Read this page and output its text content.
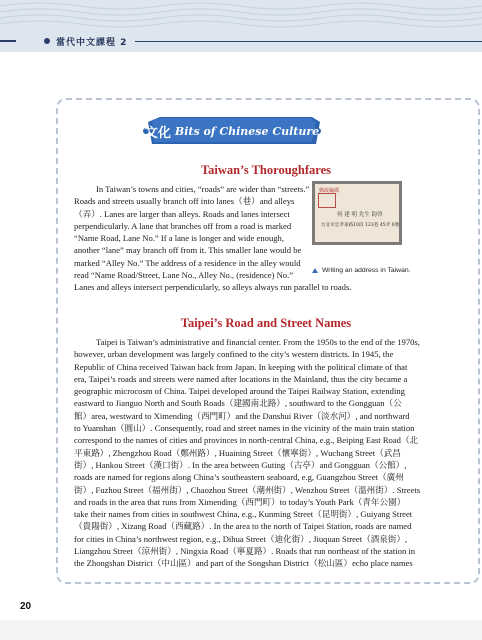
當代中文課程 2
文化 Bits of Chinese Culture
Taiwan’s Thoroughfares
In Taiwan’s towns and cities, “roads” are wider than “streets.”
Roads and streets usually branch off into lanes（巷）and alleys
（弄）. Lanes are larger than alleys. Roads and lanes intersect
perpendicularly. A lane that branches off from a road is marked
“Name Road, Lane No.” If a lane is longer and wide enough,
another “lane” may branch off from it. This smaller lane would be
marked “Alley No.” The address of a residence in the alley would
read “Name Road/Street, Lane No., Alley No., (residence) No.”
Lanes and alleys intersect perpendicularly, so alleys always run parallel to roads.
郵政編碼
何 建 明 先生 鈞啓
台北市忠孝東路10段 123巷 45弄 6號
Writing an address in Taiwan.
Taipei’s Road and Street Names
Taipei is Taiwan’s administrative and financial center. From the 1950s to the end of the 1970s,
however, urban development was largely confined to the city’s western districts. In 1945, the
Republic of China received Taiwan back from Japan. In keeping with the political climate of that
era, Taipei’s roads and streets were named after locations in the Mainland, thus the city became a
geographic microcosm of China. Taipei developed around the Taipei Railway Station, extending
eastward to Jianguo North and South Roads（建國南北路）, southward to the Gongguan（公
館）area, westward to Ximending（西門町）and the Danshui River（淡水河）, and northward
to Yuanshan（圓山）. Consequently, road and street names in the vicinity of the main train station
correspond to the names of cities and provinces in north-central China, e.g., Beiping East Road（北
平東路）, Zhengzhou Road（鄭州路）, Huaining Street（懷寧街）, Wuchang Street（武昌
街）, Hankou Street（漢口街）. In the area between Guting（古亭）and Gongguan（公館）,
roads are named for regions along China’s southeastern seaboard, e.g, Guangzhou Street（廣州
街）, Fuzhou Street（福州街）, Chaozhou Street（潮州街）, Wenzhou Street（溫州街）. Streets
and roads in the area that runs from Ximending（西門町）to today’s Youth Park（青年公園）
take their names from cities in southwest China, e.g., Kunming Street（昆明街）, Guiyang Street
（貴陽街）, Xizang Road（西藏路）. In the area to the north of Taipei Station, roads are named
for cities in China’s northwest region, e.g., Dihua Street（迪化街）, Jiuquan Street（酒泉街）,
Liangzhou Street（涼州街）, Ningxia Road（寧夏路）. Roads that run northeast of the station in
the Zhongshan District（中山區）and part of the Songshan District（松山區）echo place names
20
